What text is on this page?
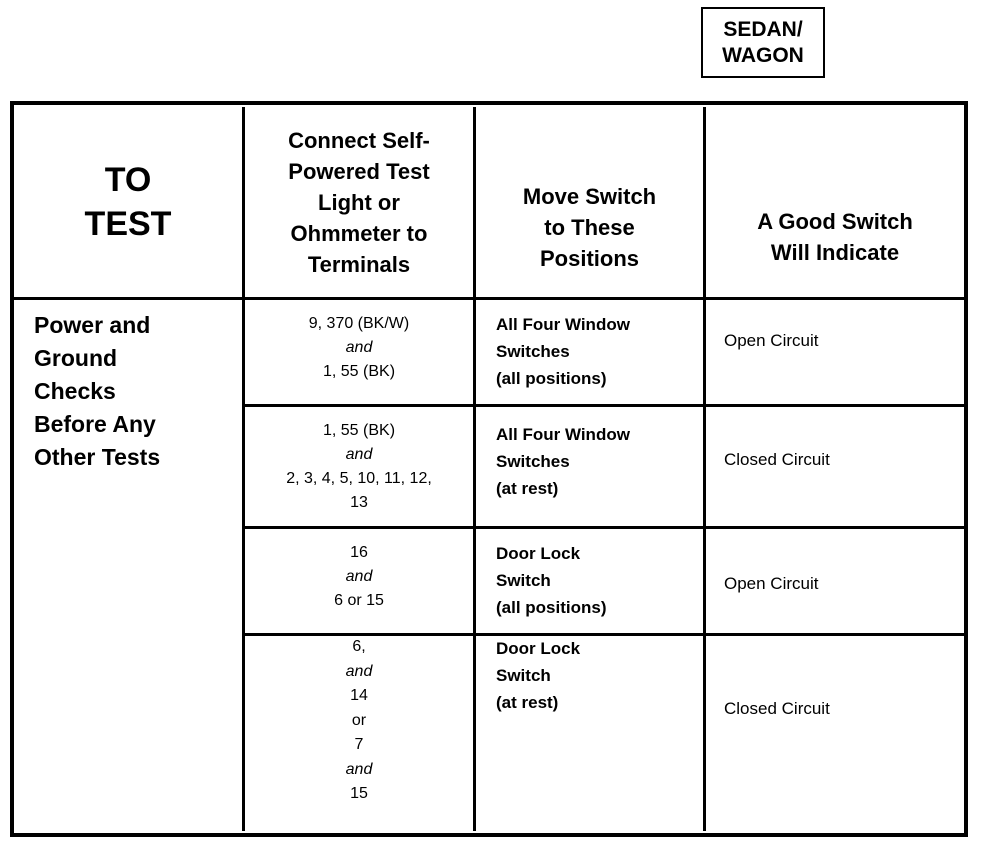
SEDAN/
WAGON
TO
TEST
Connect Self-
Powered Test
Light or
Ohmmeter to
Terminals
Move Switch
to These
Positions
A Good Switch
Will Indicate
Power and
Ground
Checks
Before Any
Other Tests
9, 370 (BK/W)
and
1, 55 (BK)
All Four Window
Switches
(all positions)
Open Circuit
1, 55 (BK)
and
2, 3, 4, 5, 10, 11, 12,
13
All Four Window
Switches
(at rest)
Closed Circuit
16
and
6 or 15
Door Lock
Switch
(all positions)
Open Circuit
6,
and
14
or
7
and
15
Door Lock
Switch
(at rest)	Closed Circuit
